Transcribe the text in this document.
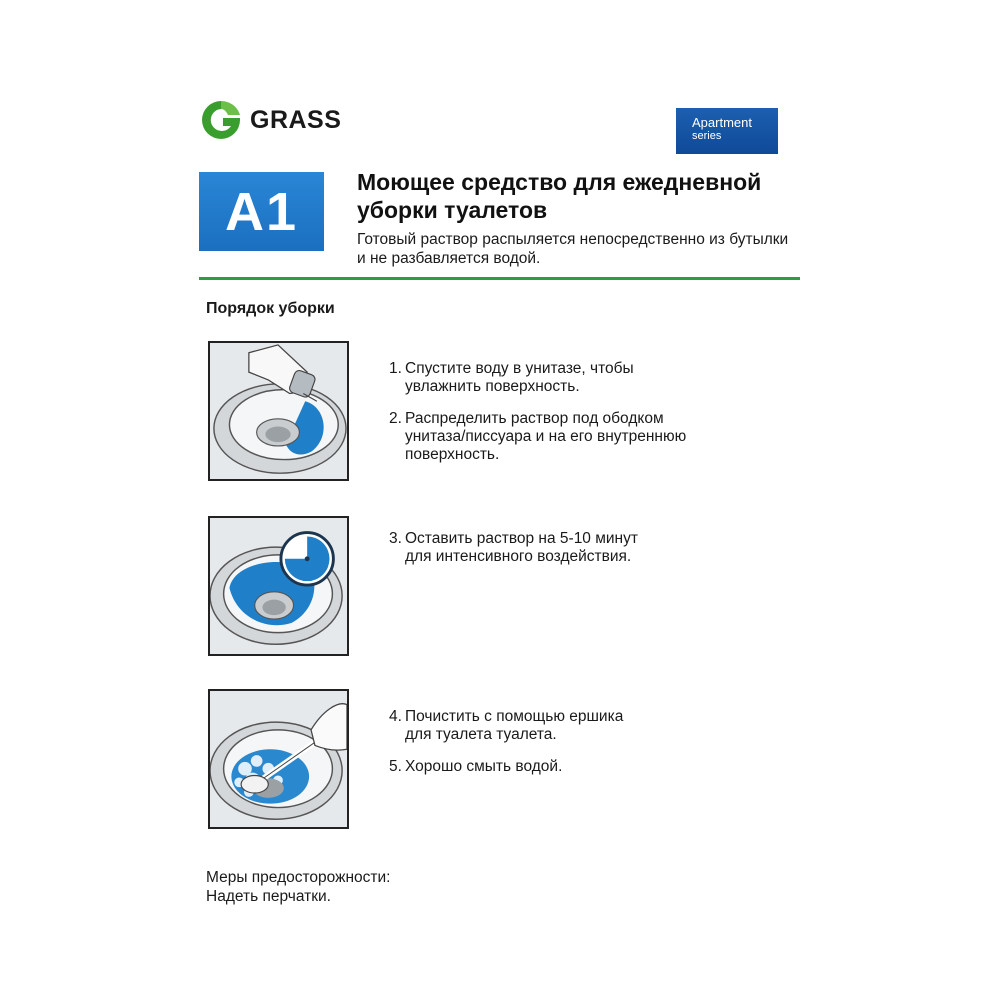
GRASS	Apartment
series
A1	Моющее средство для ежедневной
уборки туалетов
Готовый раствор распыляется непосредственно из бутылки
и не разбавляется водой.
Порядок уборки
1. Спустите воду в унитазе, чтобы
увлажнить поверхность.
2. Распределить раствор под ободком
унитаза/писсуара и на его внутреннюю
поверхность.
3. Оставить раствор на 5-10 минут
для интенсивного воздействия.
4. Почистить с помощью ершика
для туалета туалета.
5. Хорошо смыть водой.
Меры предосторожности:
Надеть перчатки.
